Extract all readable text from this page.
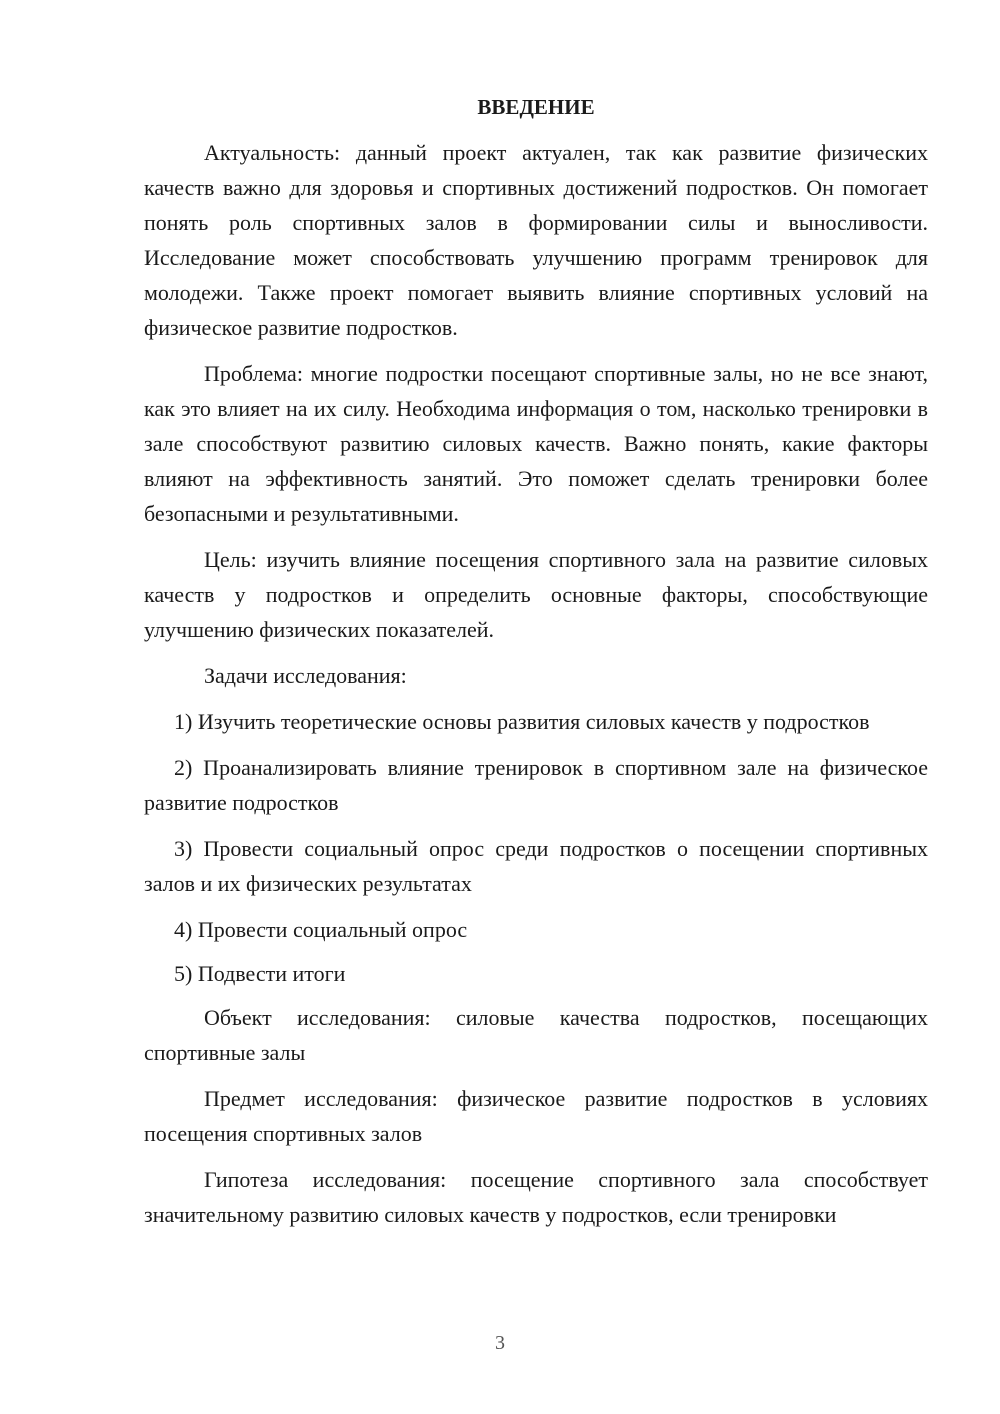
ВВЕДЕНИЕ

Актуальность: данный проект актуален, так как развитие физических качеств важно для здоровья и спортивных достижений подростков. Он помогает понять роль спортивных залов в формировании силы и выносливости. Исследование может способствовать улучшению программ тренировок для молодежи. Также проект помогает выявить влияние спортивных условий на физическое развитие подростков.

Проблема: многие подростки посещают спортивные залы, но не все знают, как это влияет на их силу. Необходима информация о том, насколько тренировки в зале способствуют развитию силовых качеств. Важно понять, какие факторы влияют на эффективность занятий. Это поможет сделать тренировки более безопасными и результативными.

Цель: изучить влияние посещения спортивного зала на развитие силовых качеств у подростков и определить основные факторы, способствующие улучшению физических показателей.

Задачи исследования:

1) Изучить теоретические основы развития силовых качеств у подростков

2) Проанализировать влияние тренировок в спортивном зале на физическое развитие подростков

3) Провести социальный опрос среди подростков о посещении спортивных залов и их физических результатах

4) Провести социальный опрос

5) Подвести итоги

Объект исследования: силовые качества подростков, посещающих спортивные залы

Предмет исследования: физическое развитие подростков в условиях посещения спортивных залов

Гипотеза исследования: посещение спортивного зала способствует значительному развитию силовых качеств у подростков, если тренировки

3
